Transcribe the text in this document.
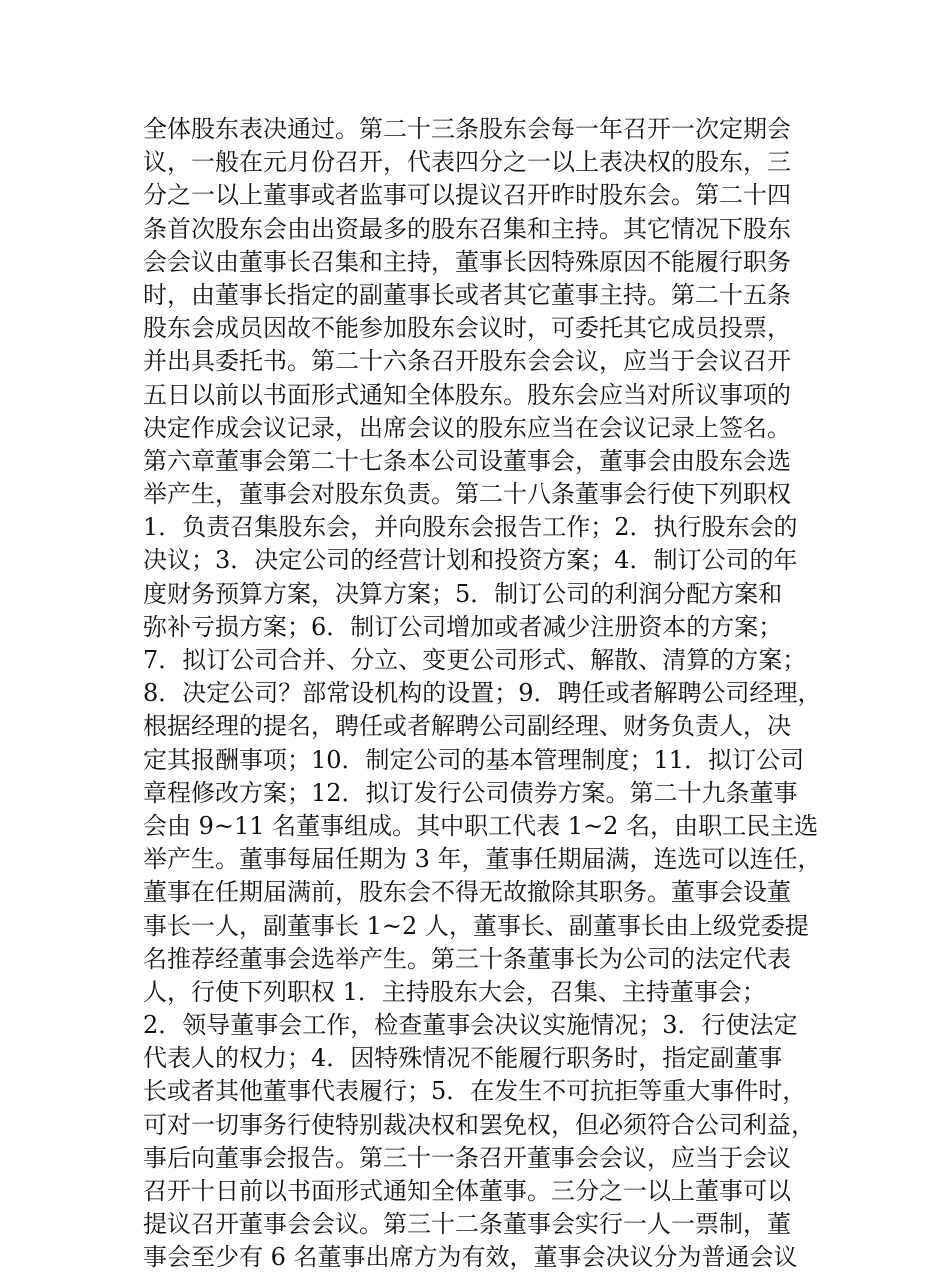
全体股东表决通过。第二十三条股东会每一年召开一次定期会
议，一般在元月份召开，代表四分之一以上表决权的股东，三
分之一以上董事或者监事可以提议召开昨时股东会。第二十四
条首次股东会由出资最多的股东召集和主持。其它情况下股东
会会议由董事长召集和主持，董事长因特殊原因不能履行职务
时，由董事长指定的副董事长或者其它董事主持。第二十五条
股东会成员因故不能参加股东会议时，可委托其它成员投票，
并出具委托书。第二十六条召开股东会会议，应当于会议召开
五日以前以书面形式通知全体股东。股东会应当对所议事项的
决定作成会议记录，出席会议的股东应当在会议记录上签名。
第六章董事会第二十七条本公司设董事会，董事会由股东会选
举产生，董事会对股东负责。第二十八条董事会行使下列职权
1．负责召集股东会，并向股东会报告工作；2．执行股东会的
决议；3．决定公司的经营计划和投资方案；4．制订公司的年
度财务预算方案，决算方案；5．制订公司的利润分配方案和
弥补亏损方案；6．制订公司增加或者减少注册资本的方案；
7．拟订公司合并、分立、变更公司形式、解散、清算的方案；
8．决定公司？部常设机构的设置；9．聘任或者解聘公司经理，
根据经理的提名，聘任或者解聘公司副经理、财务负责人，决
定其报酬事项；10．制定公司的基本管理制度；11．拟订公司
章程修改方案；12．拟订发行公司债券方案。第二十九条董事
会由 9~11 名董事组成。其中职工代表 1~2 名，由职工民主选
举产生。董事每届任期为 3 年，董事任期届满，连选可以连任，
董事在任期届满前，股东会不得无故撤除其职务。董事会设董
事长一人，副董事长 1~2 人，董事长、副董事长由上级党委提
名推荐经董事会选举产生。第三十条董事长为公司的法定代表
人，行使下列职权 1．主持股东大会，召集、主持董事会；
2．领导董事会工作，检查董事会决议实施情况；3．行使法定
代表人的权力；4．因特殊情况不能履行职务时，指定副董事
长或者其他董事代表履行；5．在发生不可抗拒等重大事件时，
可对一切事务行使特别裁决权和罢免权，但必须符合公司利益，
事后向董事会报告。第三十一条召开董事会会议，应当于会议
召开十日前以书面形式通知全体董事。三分之一以上董事可以
提议召开董事会会议。第三十二条董事会实行一人一票制，董
事会至少有 6 名董事出席方为有效，董事会决议分为普通会议
